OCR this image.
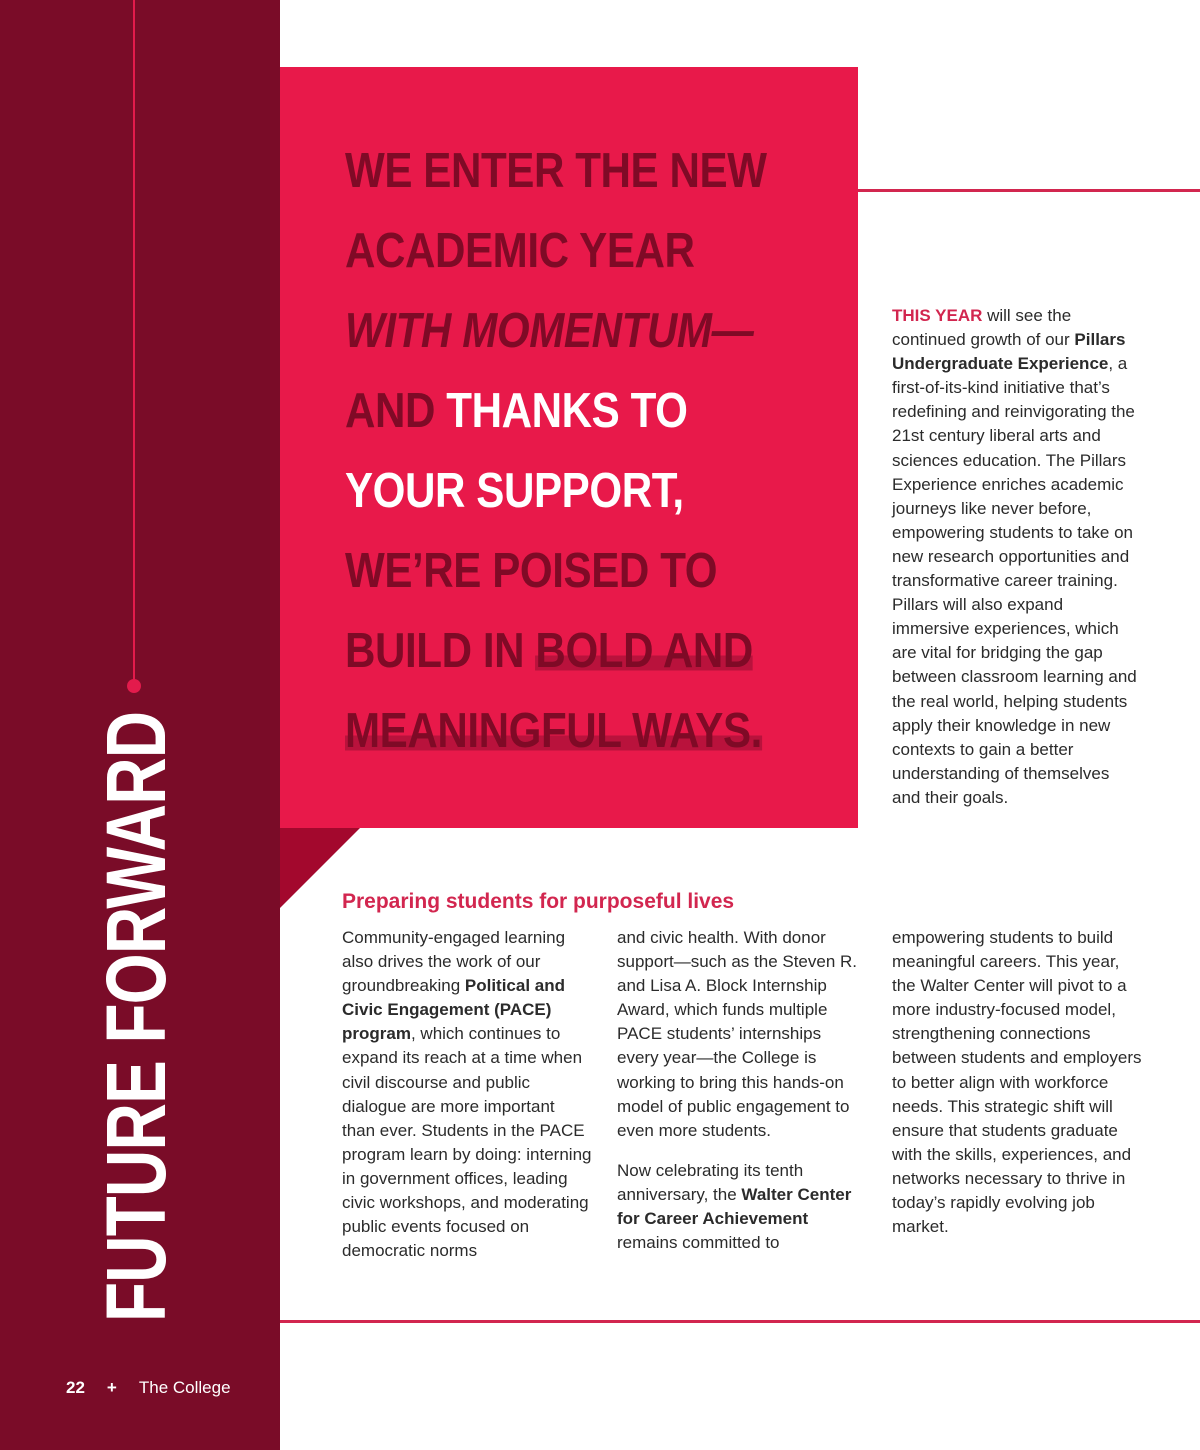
FUTURE FORWARD
22 + The College
WE ENTER THE NEW
ACADEMIC YEAR
WITH MOMENTUM—
AND THANKS TO
YOUR SUPPORT,
WE’RE POISED TO
BUILD IN BOLD AND
MEANINGFUL WAYS.
THIS YEAR will see the continued growth of our Pillars Undergraduate Experience, a first-of-its-kind initiative that’s redefining and reinvigorating the 21st century liberal arts and sciences education. The Pillars Experience enriches academic journeys like never before, empowering students to take on new research opportunities and transformative career training. Pillars will also expand immersive experiences, which are vital for bridging the gap between classroom learning and the real world, helping students apply their knowledge in new contexts to gain a better understanding of themselves and their goals.
Preparing students for purposeful lives

Community-engaged learning also drives the work of our groundbreaking Political and Civic Engagement (PACE) program, which continues to expand its reach at a time when civil discourse and public dialogue are more important than ever. Students in the PACE program learn by doing: interning in government offices, leading civic workshops, and moderating public events focused on democratic norms

and civic health. With donor support—such as the Steven R. and Lisa A. Block Internship Award, which funds multiple PACE students’ internships every year—the College is working to bring this hands-on model of public engagement to even more students.

Now celebrating its tenth anniversary, the Walter Center for Career Achievement remains committed to

empowering students to build meaningful careers. This year, the Walter Center will pivot to a more industry-focused model, strengthening connections between students and employers to better align with workforce needs. This strategic shift will ensure that students graduate with the skills, experiences, and networks necessary to thrive in today’s rapidly evolving job market.
